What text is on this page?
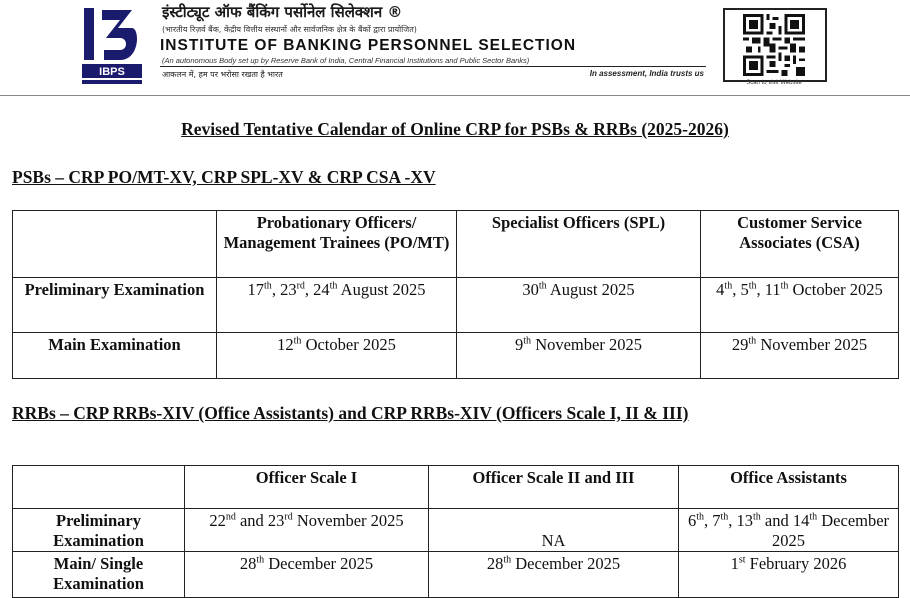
IBPS
इंस्टीट्यूट ऑफ बैंकिंग पर्सोनेल सिलेक्शन ®
(भारतीय रिज़र्व बैंक, केंद्रीय वित्तीय संस्थानों और सार्वजनिक क्षेत्र के बैंकों द्वारा प्रायोजित)
INSTITUTE OF BANKING PERSONNEL SELECTION
(An autonomous Body set up by Reserve Bank of India, Central Financial Institutions and Public Sector Banks)
आकलन में, हम पर भरोसा रखता है भारत	In assessment, India trusts us
Scan to visit Website
Revised Tentative Calendar of Online CRP for PSBs & RRBs (2025-2026)
PSBs – CRP PO/MT-XV, CRP SPL-XV & CRP CSA -XV
	Probationary Officers/ Management Trainees (PO/MT)	Specialist Officers (SPL)	Customer Service Associates (CSA)
Preliminary Examination	17th, 23rd, 24th August 2025	30th August 2025	4th, 5th, 11th October 2025
Main Examination	12th October 2025	9th November 2025	29th November 2025
RRBs – CRP RRBs-XIV (Office Assistants) and CRP RRBs-XIV (Officers Scale I, II & III)
	Officer Scale I	Officer Scale II and III	Office Assistants
Preliminary Examination	22nd and 23rd November 2025	NA	6th, 7th, 13th and 14th December 2025
Main/ Single Examination	28th December 2025	28th December 2025	1st February 2026
